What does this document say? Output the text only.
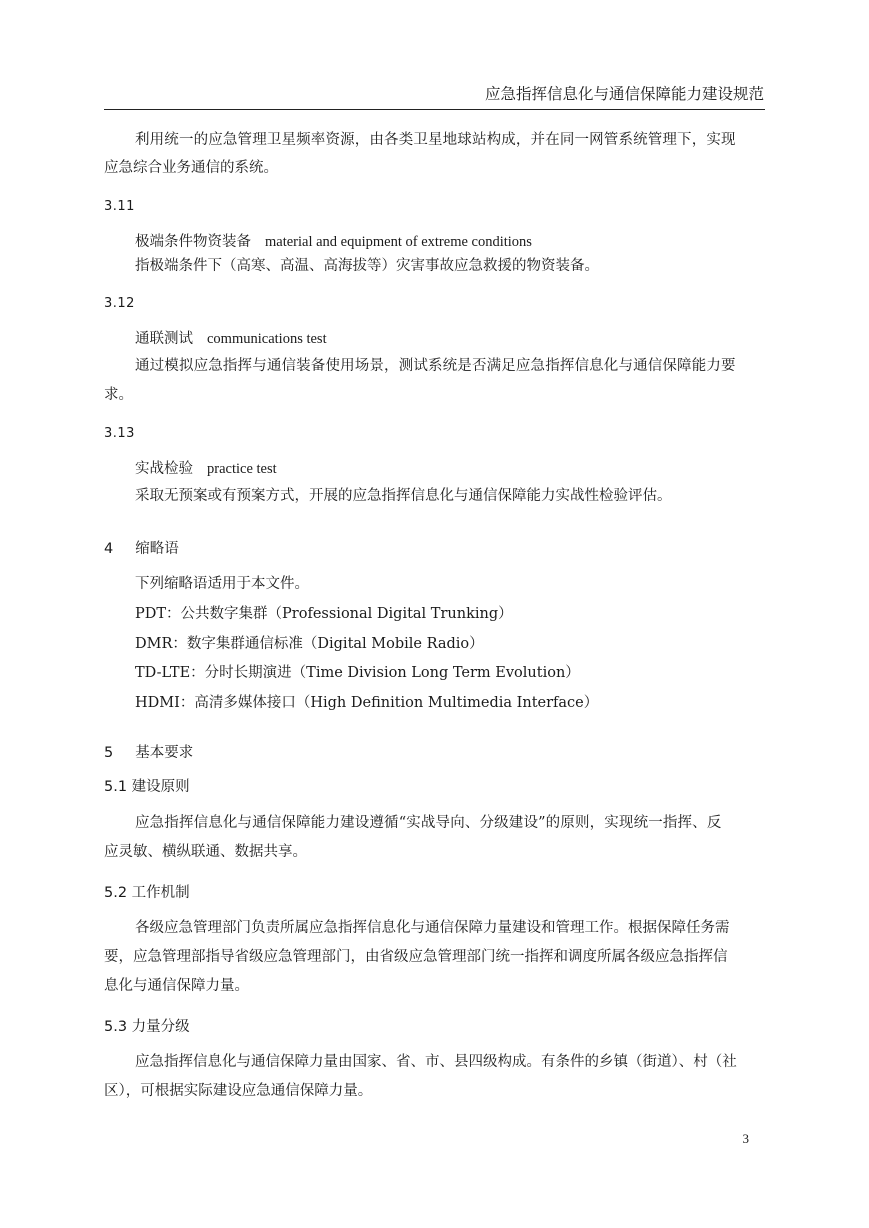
应急指挥信息化与通信保障能力建设规范
利用统一的应急管理卫星频率资源，由各类卫星地球站构成，并在同一网管系统管理下，实现
应急综合业务通信的系统。
3.11
极端条件物资装备 material and equipment of extreme conditions
指极端条件下（高寒、高温、高海拔等）灾害事故应急救援的物资装备。
3.12
通联测试 communications test
通过模拟应急指挥与通信装备使用场景，测试系统是否满足应急指挥信息化与通信保障能力要
求。
3.13
实战检验 practice test
采取无预案或有预案方式，开展的应急指挥信息化与通信保障能力实战性检验评估。
4 缩略语
下列缩略语适用于本文件。
PDT：公共数字集群（Professional Digital Trunking）
DMR：数字集群通信标准（Digital Mobile Radio）
TD-LTE：分时长期演进（Time Division Long Term Evolution）
HDMI：高清多媒体接口（High Definition Multimedia Interface）
5 基本要求
5.1 建设原则
应急指挥信息化与通信保障能力建设遵循“实战导向、分级建设”的原则，实现统一指挥、反
应灵敏、横纵联通、数据共享。
5.2 工作机制
各级应急管理部门负责所属应急指挥信息化与通信保障力量建设和管理工作。根据保障任务需
要，应急管理部指导省级应急管理部门，由省级应急管理部门统一指挥和调度所属各级应急指挥信
息化与通信保障力量。
5.3 力量分级
应急指挥信息化与通信保障力量由国家、省、市、县四级构成。有条件的乡镇（街道）、村（社
区），可根据实际建设应急通信保障力量。
3
